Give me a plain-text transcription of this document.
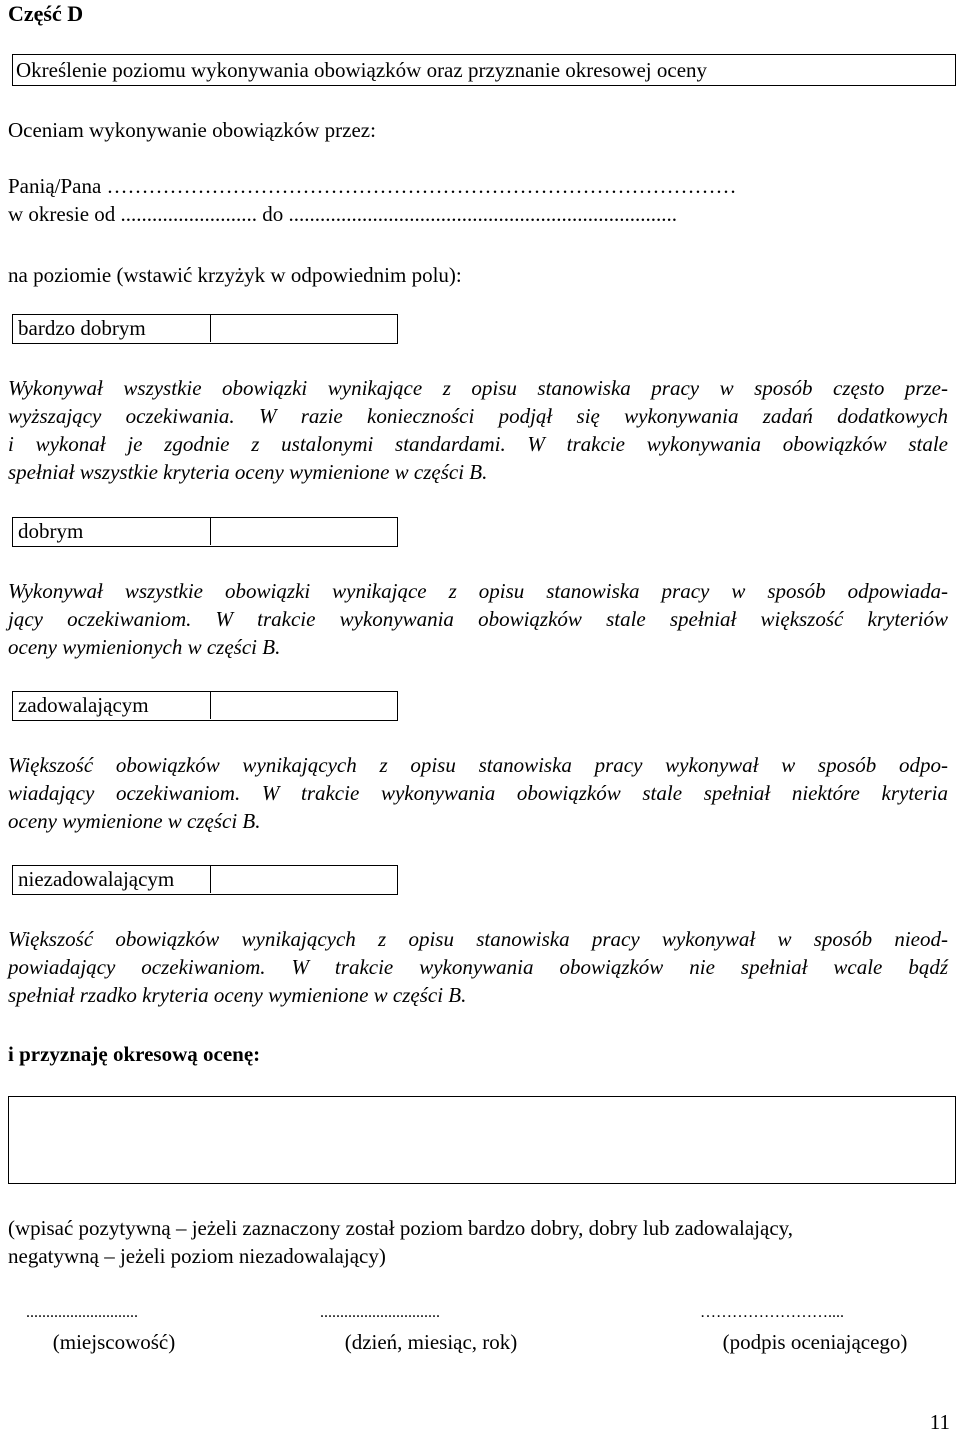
Część D
Określenie poziomu wykonywania obowiązków oraz przyznanie okresowej oceny
Oceniam wykonywanie obowiązków przez:
Panią/Pana ………………………………………………………………………………
w okresie od .......................... do ..........................................................................
na poziomie (wstawić krzyżyk w odpowiednim polu):
bardzo dobrym
Wykonywał wszystkie obowiązki wynikające z opisu stanowiska pracy w sposób często prze-
wyższający oczekiwania. W razie konieczności podjął się wykonywania zadań dodatkowych
i wykonał je zgodnie z ustalonymi standardami. W trakcie wykonywania obowiązków stale
spełniał wszystkie kryteria oceny wymienione w części B.
dobrym
Wykonywał wszystkie obowiązki wynikające z opisu stanowiska pracy w sposób odpowiada-
jący oczekiwaniom. W trakcie wykonywania obowiązków stale spełniał większość kryteriów
oceny wymienionych w części B.
zadowalającym
Większość obowiązków wynikających z opisu stanowiska pracy wykonywał w sposób odpo-
wiadający oczekiwaniom. W trakcie wykonywania obowiązków stale spełniał niektóre kryteria
oceny wymienione w części B.
niezadowalającym
Większość obowiązków wynikających z opisu stanowiska pracy wykonywał w sposób nieod-
powiadający oczekiwaniom. W trakcie wykonywania obowiązków nie spełniał wcale bądź
spełniał rzadko kryteria oceny wymienione w części B.
i przyznaję okresową ocenę:
(wpisać pozytywną – jeżeli zaznaczony został poziom bardzo dobry, dobry lub zadowalający,
negatywną – jeżeli poziom niezadowalający)
............................
(miejscowość)
..............................
(dzień, miesiąc, rok)
……………………....
(podpis oceniającego)
11
